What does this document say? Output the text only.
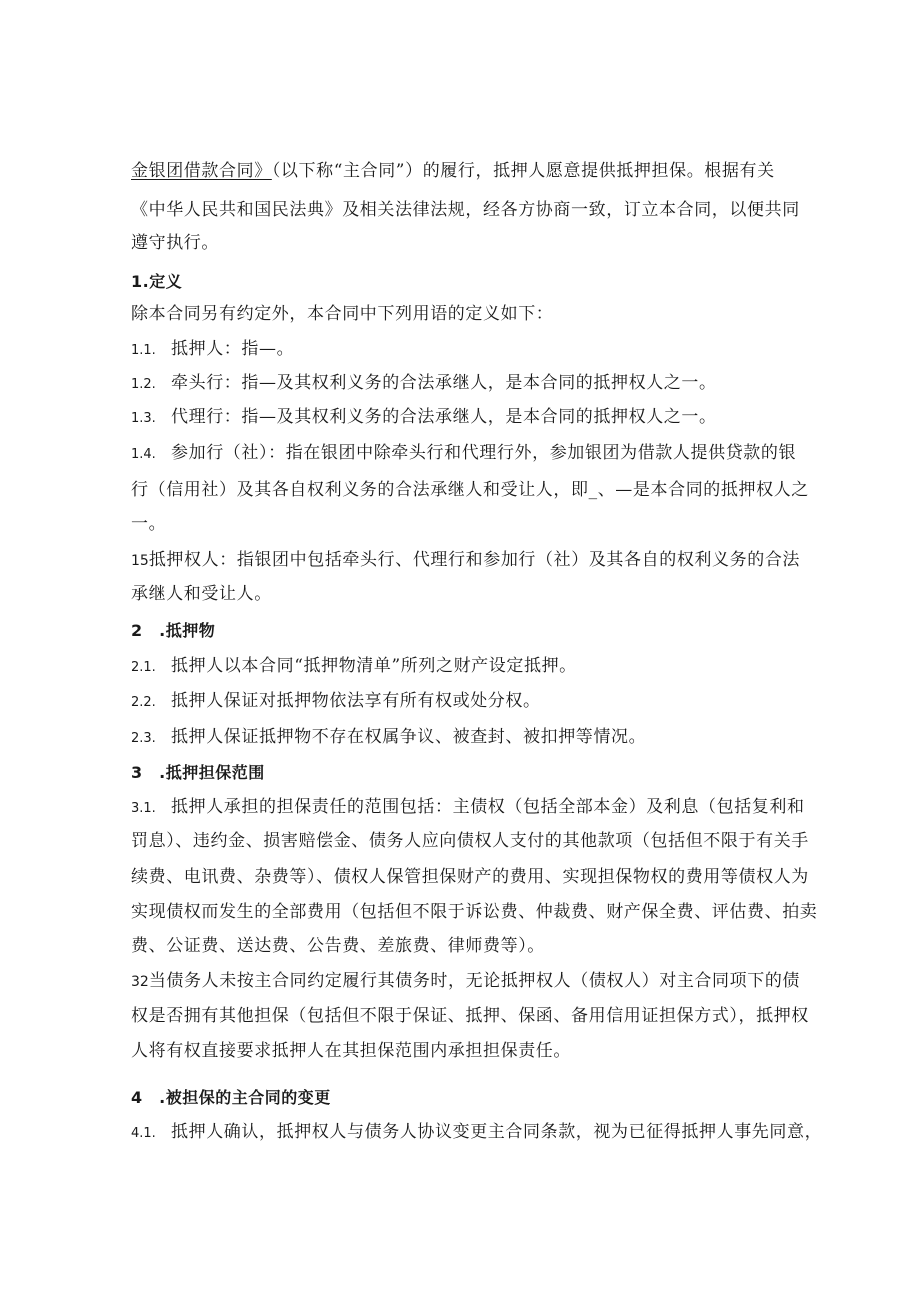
金银团借款合同》（以下称“主合同”）的履行，抵押人愿意提供抵押担保。根据有关
《中华人民共和国民法典》及相关法律法规，经各方协商一致，订立本合同，以便共同
遵守执行。
1.定义
除本合同另有约定外，本合同中下列用语的定义如下：
1.1. 抵押人：指—。
1.2. 牵头行：指—及其权利义务的合法承继人，是本合同的抵押权人之一。
1.3. 代理行：指—及其权利义务的合法承继人，是本合同的抵押权人之一。
1.4. 参加行（社）：指在银团中除牵头行和代理行外，参加银团为借款人提供贷款的银
行（信用社）及其各自权利义务的合法承继人和受让人，即_、—是本合同的抵押权人之
一。
15抵押权人：指银团中包括牵头行、代理行和参加行（社）及其各自的权利义务的合法
承继人和受让人。
2 .抵押物
2.1. 抵押人以本合同“抵押物清单”所列之财产设定抵押。
2.2. 抵押人保证对抵押物依法享有所有权或处分权。
2.3. 抵押人保证抵押物不存在权属争议、被查封、被扣押等情况。
3 .抵押担保范围
3.1. 抵押人承担的担保责任的范围包括：主债权（包括全部本金）及利息（包括复利和
罚息）、违约金、损害赔偿金、债务人应向债权人支付的其他款项（包括但不限于有关手
续费、电讯费、杂费等）、债权人保管担保财产的费用、实现担保物权的费用等债权人为
实现债权而发生的全部费用（包括但不限于诉讼费、仲裁费、财产保全费、评估费、拍卖
费、公证费、送达费、公告费、差旅费、律师费等）。
32当债务人未按主合同约定履行其债务时，无论抵押权人（债权人）对主合同项下的债
权是否拥有其他担保（包括但不限于保证、抵押、保函、备用信用证担保方式），抵押权
人将有权直接要求抵押人在其担保范围内承担担保责任。
4 .被担保的主合同的变更
4.1. 抵押人确认，抵押权人与债务人协议变更主合同条款，视为已征得抵押人事先同意，
